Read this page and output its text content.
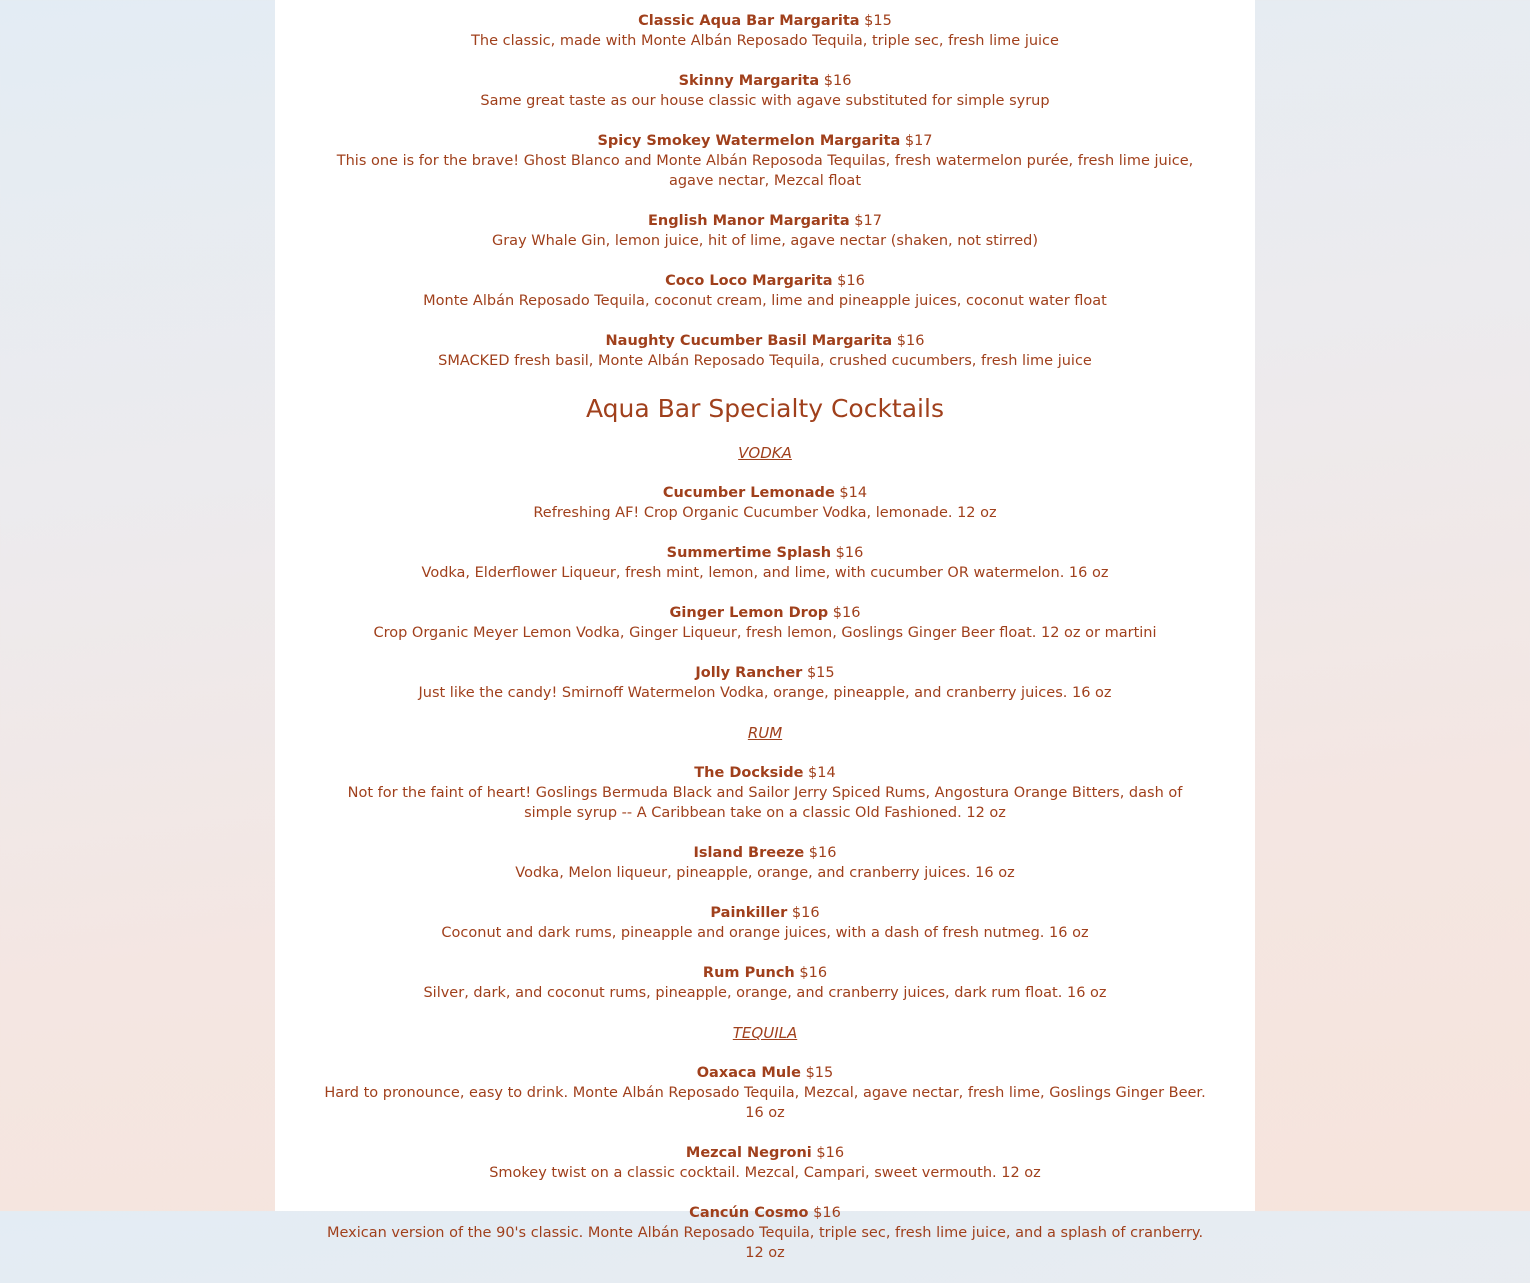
Classic Aqua Bar Margarita $15

The classic, made with Monte Albán Reposado Tequila, triple sec, fresh lime juice

Skinny Margarita $16

Same great taste as our house classic with agave substituted for simple syrup

Spicy Smokey Watermelon Margarita $17

This one is for the brave! Ghost Blanco and Monte Albán Reposoda Tequilas, fresh watermelon purée, fresh lime juice, agave nectar, Mezcal float

English Manor Margarita $17

Gray Whale Gin, lemon juice, hit of lime, agave nectar (shaken, not stirred)

Coco Loco Margarita $16

Monte Albán Reposado Tequila, coconut cream, lime and pineapple juices, coconut water float

Naughty Cucumber Basil Margarita $16

SMACKED fresh basil, Monte Albán Reposado Tequila, crushed cucumbers, fresh lime juice

Aqua Bar Specialty Cocktails

VODKA

Cucumber Lemonade $14

Refreshing AF! Crop Organic Cucumber Vodka, lemonade. 12 oz

Summertime Splash $16

Vodka, Elderflower Liqueur, fresh mint, lemon, and lime, with cucumber OR watermelon. 16 oz

Ginger Lemon Drop $16

Crop Organic Meyer Lemon Vodka, Ginger Liqueur, fresh lemon, Goslings Ginger Beer float. 12 oz or martini

Jolly Rancher $15

Just like the candy! Smirnoff Watermelon Vodka, orange, pineapple, and cranberry juices. 16 oz

RUM

The Dockside $14

Not for the faint of heart! Goslings Bermuda Black and Sailor Jerry Spiced Rums, Angostura Orange Bitters, dash of simple syrup -- A Caribbean take on a classic Old Fashioned. 12 oz

Island Breeze $16

Vodka, Melon liqueur, pineapple, orange, and cranberry juices. 16 oz

Painkiller $16

Coconut and dark rums, pineapple and orange juices, with a dash of fresh nutmeg. 16 oz

Rum Punch $16

Silver, dark, and coconut rums, pineapple, orange, and cranberry juices, dark rum float. 16 oz

TEQUILA

Oaxaca Mule $15

Hard to pronounce, easy to drink. Monte Albán Reposado Tequila, Mezcal, agave nectar, fresh lime, Goslings Ginger Beer. 16 oz

Mezcal Negroni $16

Smokey twist on a classic cocktail. Mezcal, Campari, sweet vermouth. 12 oz

Cancún Cosmo $16

Mexican version of the 90's classic. Monte Albán Reposado Tequila, triple sec, fresh lime juice, and a splash of cranberry. 12 oz
